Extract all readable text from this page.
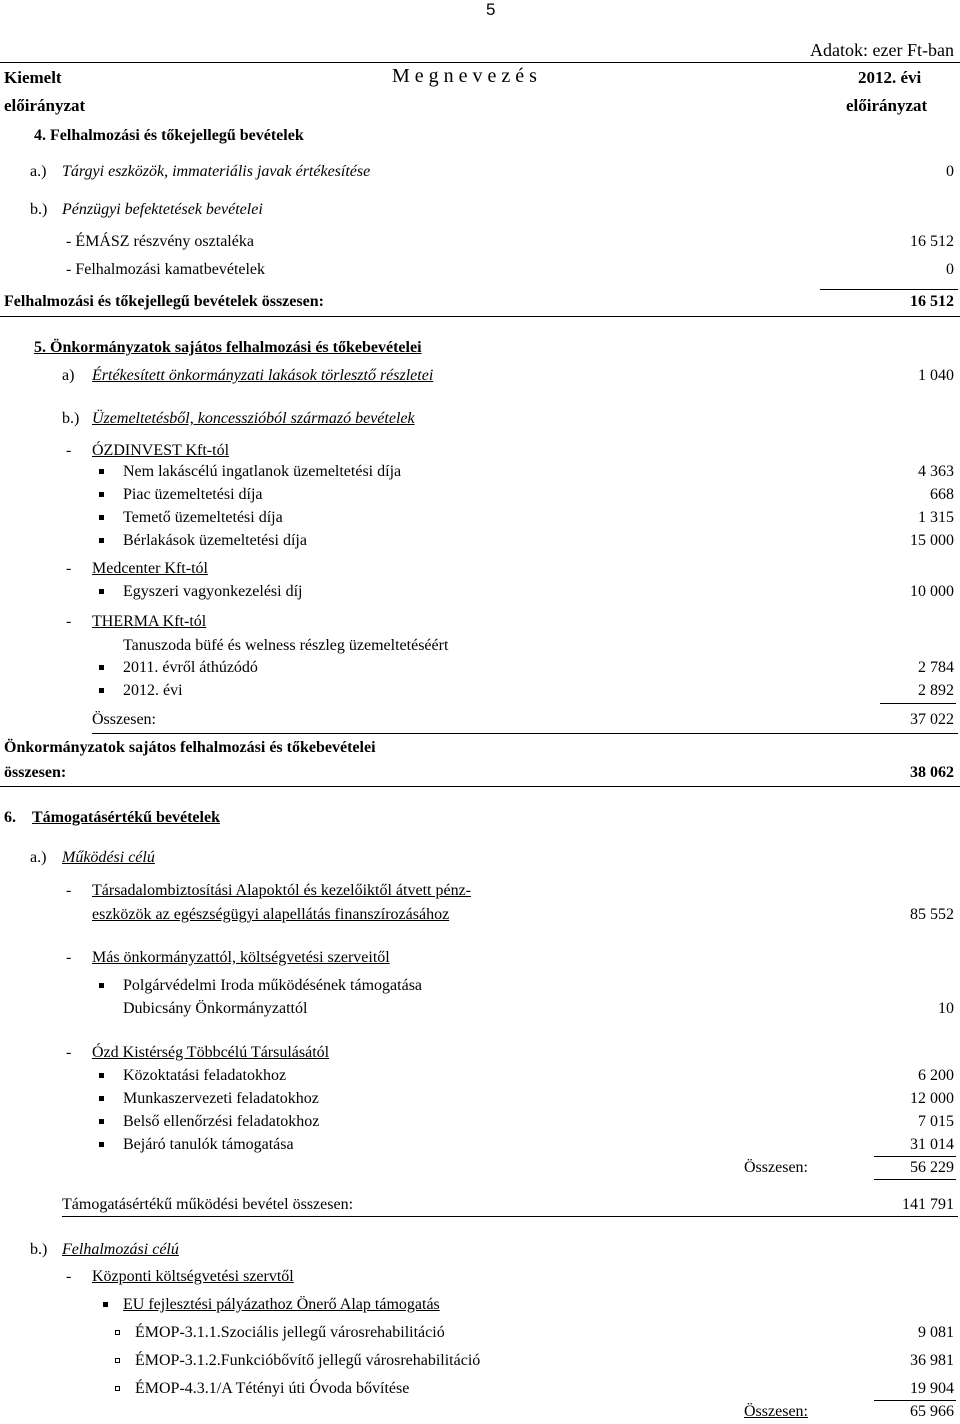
5
Adatok: ezer Ft-ban
Kiemelt
előirányzat
M e g n e v e z é s	2012. évi
előirányzat
4. Felhalmozási és tőkejellegű bevételek
a.) Tárgyi eszközök, immateriális javak értékesítése	0
b.) Pénzügyi befektetések bevételei
- ÉMÁSZ részvény osztaléka	16 512
- Felhalmozási kamatbevételek	0
Felhalmozási és tőkejellegű bevételek összesen:	16 512
5. Önkormányzatok sajátos felhalmozási és tőkebevételei
a) Értékesített önkormányzati lakások törlesztő részletei	1 040
b.) Üzemeltetésből, koncesszióból származó bevételek
- ÓZDINVEST Kft-tól
Nem lakáscélú ingatlanok üzemeltetési díja	4 363
Piac üzemeltetési díja	668
Temető üzemeltetési díja	1 315
Bérlakások üzemeltetési díja	15 000
- Medcenter Kft-tól
Egyszeri vagyonkezelési díj	10 000
- THERMA Kft-tól
Tanuszoda büfé és welness részleg üzemeltetéséért
2011. évről áthúzódó	2 784
2012. évi	2 892
Összesen:	37 022
Önkormányzatok sajátos felhalmozási és tőkebevételei
összesen:	38 062
6. Támogatásértékű bevételek
a.) Működési célú
- Társadalombiztosítási Alapoktól és kezelőiktől átvett pénz-
eszközök az egészségügyi alapellátás finanszírozásához	85 552
- Más önkormányzattól, költségvetési szerveitől
Polgárvédelmi Iroda működésének támogatása
Dubicsány Önkormányzattól	10
- Ózd Kistérség Többcélú Társulásától
Közoktatási feladatokhoz	6 200
Munkaszervezeti feladatokhoz	12 000
Belső ellenőrzési feladatokhoz	7 015
Bejáró tanulók támogatása	31 014
Összesen:	56 229
Támogatásértékű működési bevétel összesen:	141 791
b.) Felhalmozási célú
- Központi költségvetési szervtől
EU fejlesztési pályázathoz Önerő Alap támogatás
ÉMOP-3.1.1.Szociális jellegű városrehabilitáció	9 081
ÉMOP-3.1.2.Funkcióbővítő jellegű városrehabilitáció	36 981
ÉMOP-4.3.1/A Tétényi úti Óvoda bővítése	19 904
Összesen:	65 966
